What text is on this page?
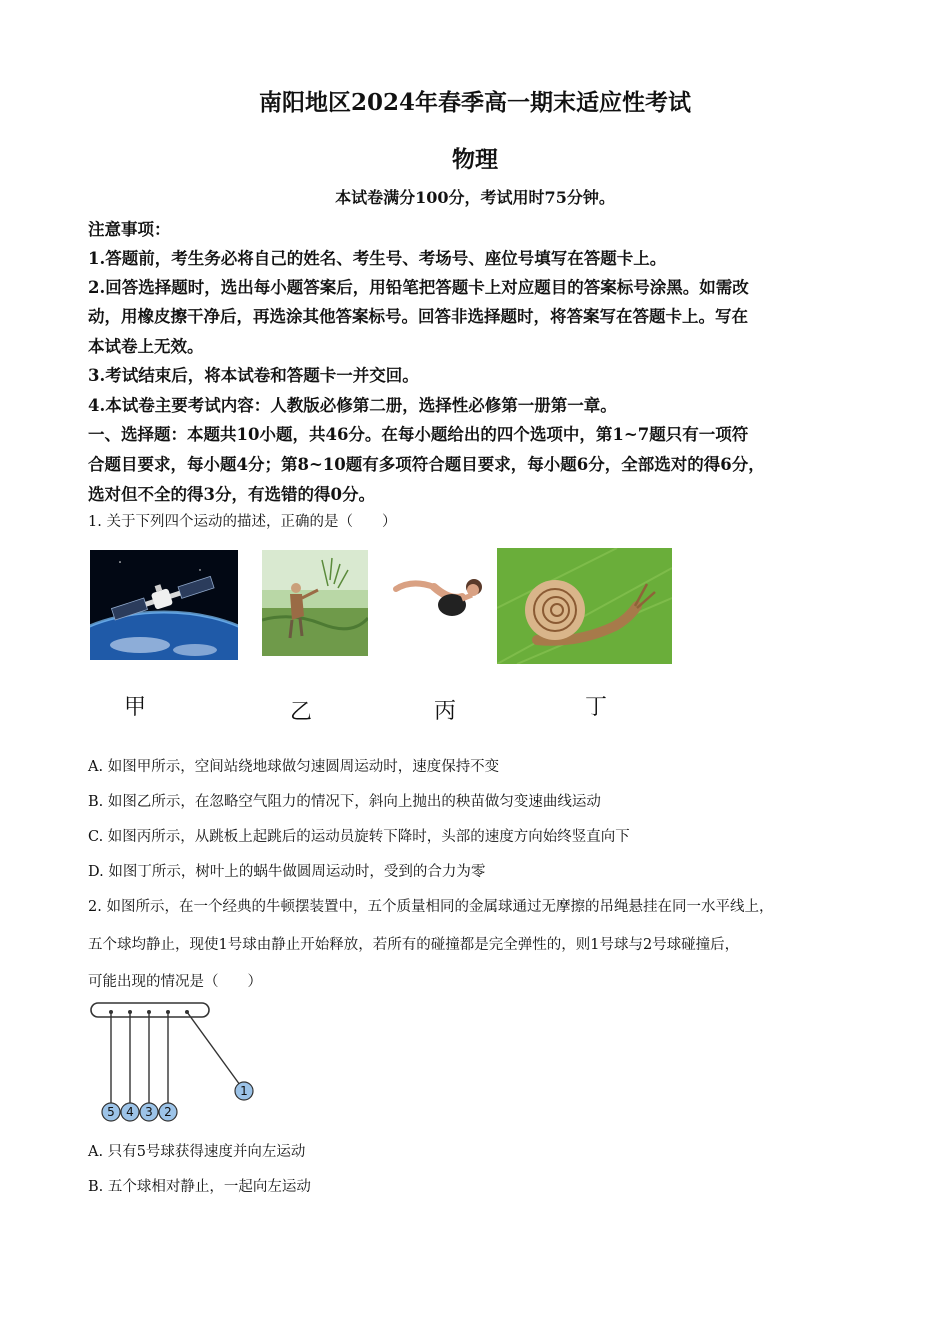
南阳地区2024年春季高一期末适应性考试
物理
本试卷满分100分，考试用时75分钟。
注意事项：
1.答题前，考生务必将自己的姓名、考生号、考场号、座位号填写在答题卡上。
2.回答选择题时，选出每小题答案后，用铅笔把答题卡上对应题目的答案标号涂黑。如需改
动，用橡皮擦干净后，再选涂其他答案标号。回答非选择题时，将答案写在答题卡上。写在
本试卷上无效。
3.考试结束后，将本试卷和答题卡一并交回。
4.本试卷主要考试内容：人教版必修第二册，选择性必修第一册第一章。
一、选择题：本题共10小题，共46分。在每小题给出的四个选项中，第1~7题只有一项符
合题目要求，每小题4分；第8~10题有多项符合题目要求，每小题6分，全部选对的得6分，
选对但不全的得3分，有选错的得0分。
1. 关于下列四个运动的描述，正确的是（　　）
甲	乙	丙	丁
A. 如图甲所示，空间站绕地球做匀速圆周运动时，速度保持不变
B. 如图乙所示，在忽略空气阻力的情况下，斜向上抛出的秧苗做匀变速曲线运动
C. 如图丙所示，从跳板上起跳后的运动员旋转下降时，头部的速度方向始终竖直向下
D. 如图丁所示，树叶上的蜗牛做圆周运动时，受到的合力为零
2. 如图所示，在一个经典的牛顿摆装置中，五个质量相同的金属球通过无摩擦的吊绳悬挂在同一水平线上，
五个球均静止，现使1号球由静止开始释放，若所有的碰撞都是完全弹性的，则1号球与2号球碰撞后，
可能出现的情况是（　　）
5 4 3 2
1
A. 只有5号球获得速度并向左运动
B. 五个球相对静止，一起向左运动
